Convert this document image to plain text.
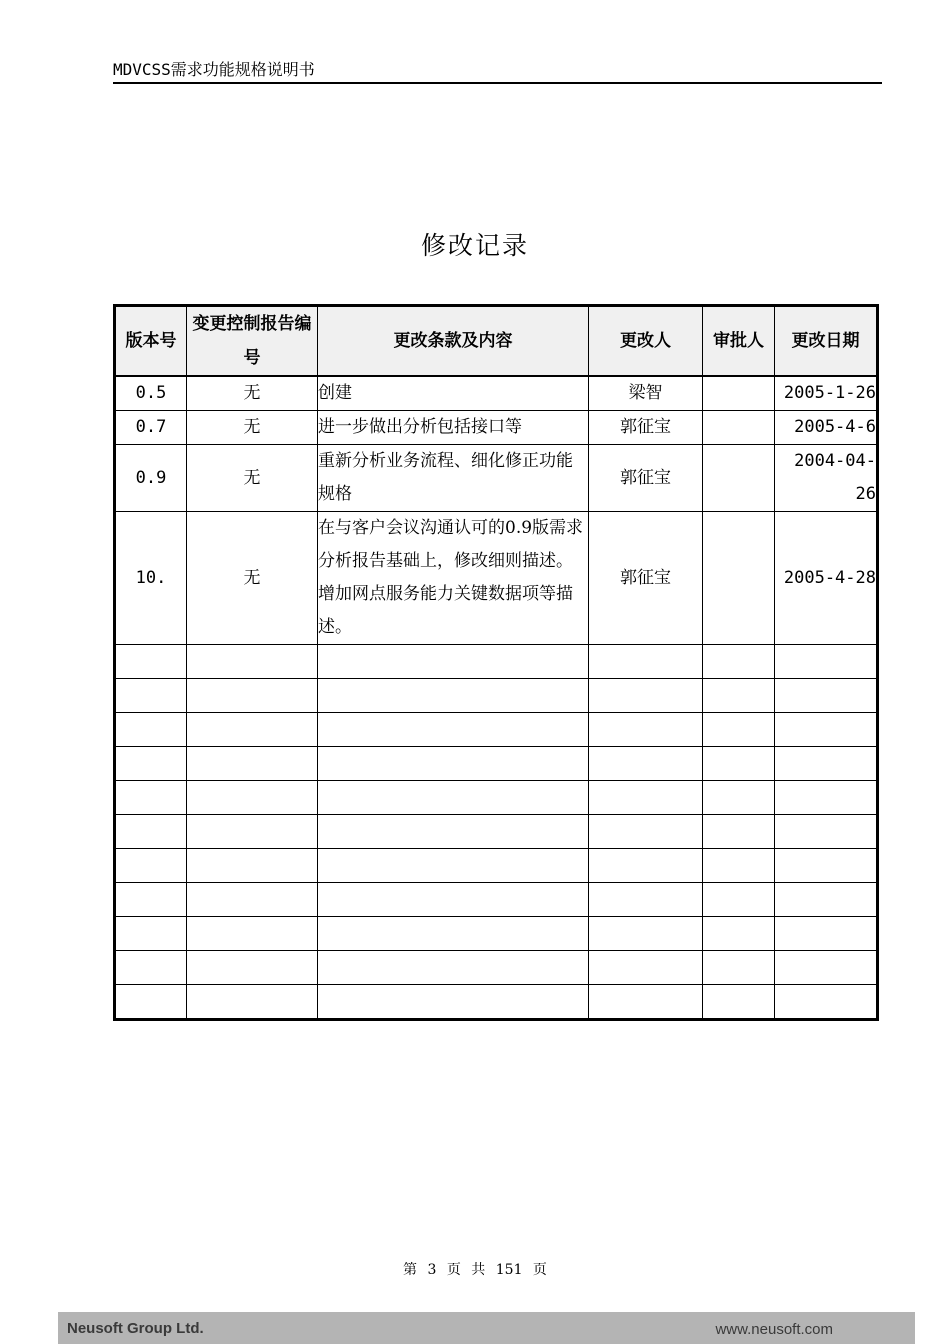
MDVCSS需求功能规格说明书
修改记录
版本号	变更控制报告编号	更改条款及内容	更改人	审批人	更改日期
0.5	无	创建	梁智		2005-1-26
0.7	无	进一步做出分析包括接口等	郭征宝		2005-4-6
0.9	无	重新分析业务流程、细化修正功能规格	郭征宝		2004-04-26
10.	无	在与客户会议沟通认可的0.9版需求分析报告基础上，修改细则描述。增加网点服务能力关键数据项等描述。	郭征宝		2005-4-28

第 3 页 共 151 页
Neusoft Group Ltd.	www.neusoft.com
